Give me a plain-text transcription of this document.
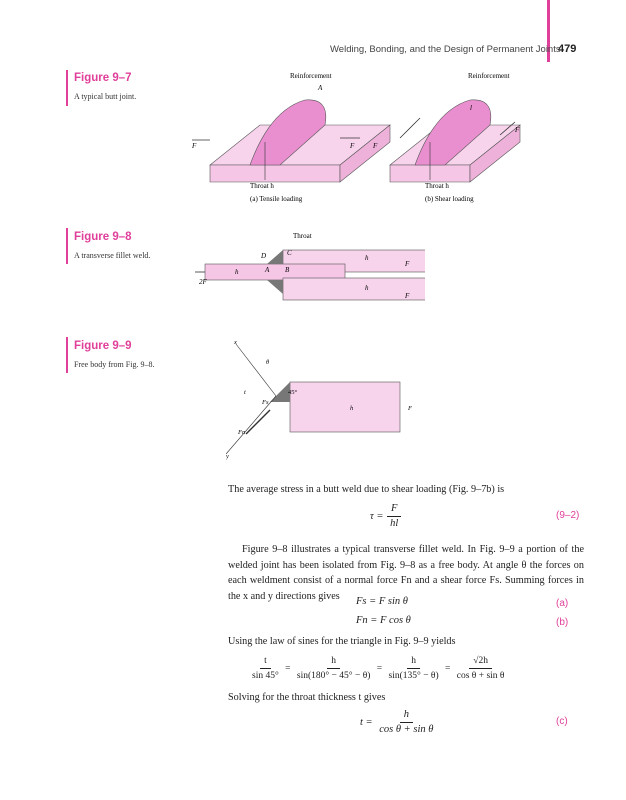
Welding, Bonding, and the Design of Permanent Joints
479
Figure 9–7
A typical butt joint.
Reinforcement	Reinforcement
A
F	F	F
F
l
Throat h	Throat h
(a) Tensile loading	(b) Shear loading
Figure 9–8
A transverse fillet weld.
Throat
C
D
A B
h
h
h
F
F
2F
Figure 9–9
Free body from Fig. 9–8.
x
y
θ
t	45°
h	F
Fs
Fn
The average stress in a butt weld due to shear loading (Fig. 9–7b) is
$\tau = \frac{F}{hl}$	(9–2)
Figure 9–8 illustrates a typical transverse fillet weld. In Fig. 9–9 a portion of the welded joint has been isolated from Fig. 9–8 as a free body. At angle θ the forces on each weldment consist of a normal force Fn and a shear force Fs. Summing forces in the x and y directions gives	Fs = F sin θ	(a)
Fn = F cos θ	(b)
Using the law of sines for the triangle in Fig. 9–9 yields
$\frac{t}{\sin 45^\circ} = \frac{h}{\sin(180^\circ - 45^\circ - \theta)} = \frac{h}{\sin(135^\circ - \theta)} = \frac{√2h}{\text{cos θ + sin θ}}$
Solving for the throat thickness t gives
$t = \frac{h}{\text{cos θ + sin θ}}$	(c)
